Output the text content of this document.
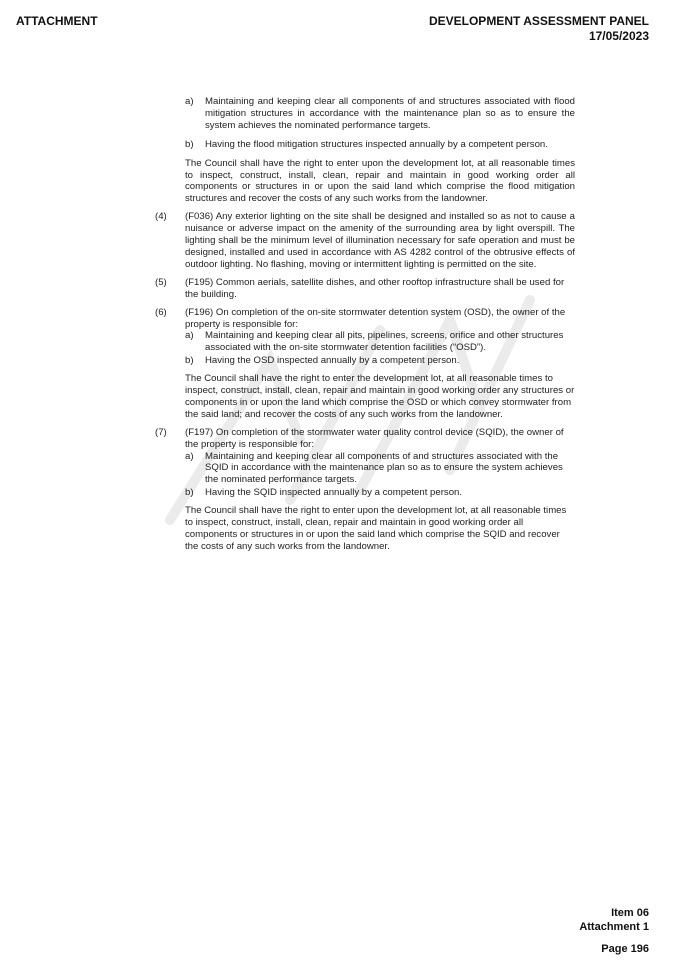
ATTACHMENT	DEVELOPMENT ASSESSMENT PANEL
17/05/2023
a)	Maintaining and keeping clear all components of and structures associated with flood mitigation structures in accordance with the maintenance plan so as to ensure the system achieves the nominated performance targets.
b)	Having the flood mitigation structures inspected annually by a competent person.

The Council shall have the right to enter upon the development lot, at all reasonable times to inspect, construct, install, clean, repair and maintain in good working order all components or structures in or upon the said land which comprise the flood mitigation structures and recover the costs of any such works from the landowner.

(4)	(F036) Any exterior lighting on the site shall be designed and installed so as not to cause a nuisance or adverse impact on the amenity of the surrounding area by light overspill. The lighting shall be the minimum level of illumination necessary for safe operation and must be designed, installed and used in accordance with AS 4282 control of the obtrusive effects of outdoor lighting. No flashing, moving or intermittent lighting is permitted on the site.

(5)	(F195) Common aerials, satellite dishes, and other rooftop infrastructure shall be used for the building.

(6)	(F196) On completion of the on-site stormwater detention system (OSD), the owner of the property is responsible for:

a)	Maintaining and keeping clear all pits, pipelines, screens, orifice and other structures associated with the on-site stormwater detention facilities (“OSD”).
b)	Having the OSD inspected annually by a competent person.

The Council shall have the right to enter the development lot, at all reasonable times to inspect, construct, install, clean, repair and maintain in good working order any structures or components in or upon the land which comprise the OSD or which convey stormwater from the said land; and recover the costs of any such works from the landowner.

(7)	(F197) On completion of the stormwater water quality control device (SQID), the owner of the property is responsible for:

a)	Maintaining and keeping clear all components of and structures associated with the SQID in accordance with the maintenance plan so as to ensure the system achieves the nominated performance targets.
b)	Having the SQID inspected annually by a competent person.

The Council shall have the right to enter upon the development lot, at all reasonable times to inspect, construct, install, clean, repair and maintain in good working order all components or structures in or upon the said land which comprise the SQID and recover the costs of any such works from the landowner.

Item 06
Attachment 1
Page 196
